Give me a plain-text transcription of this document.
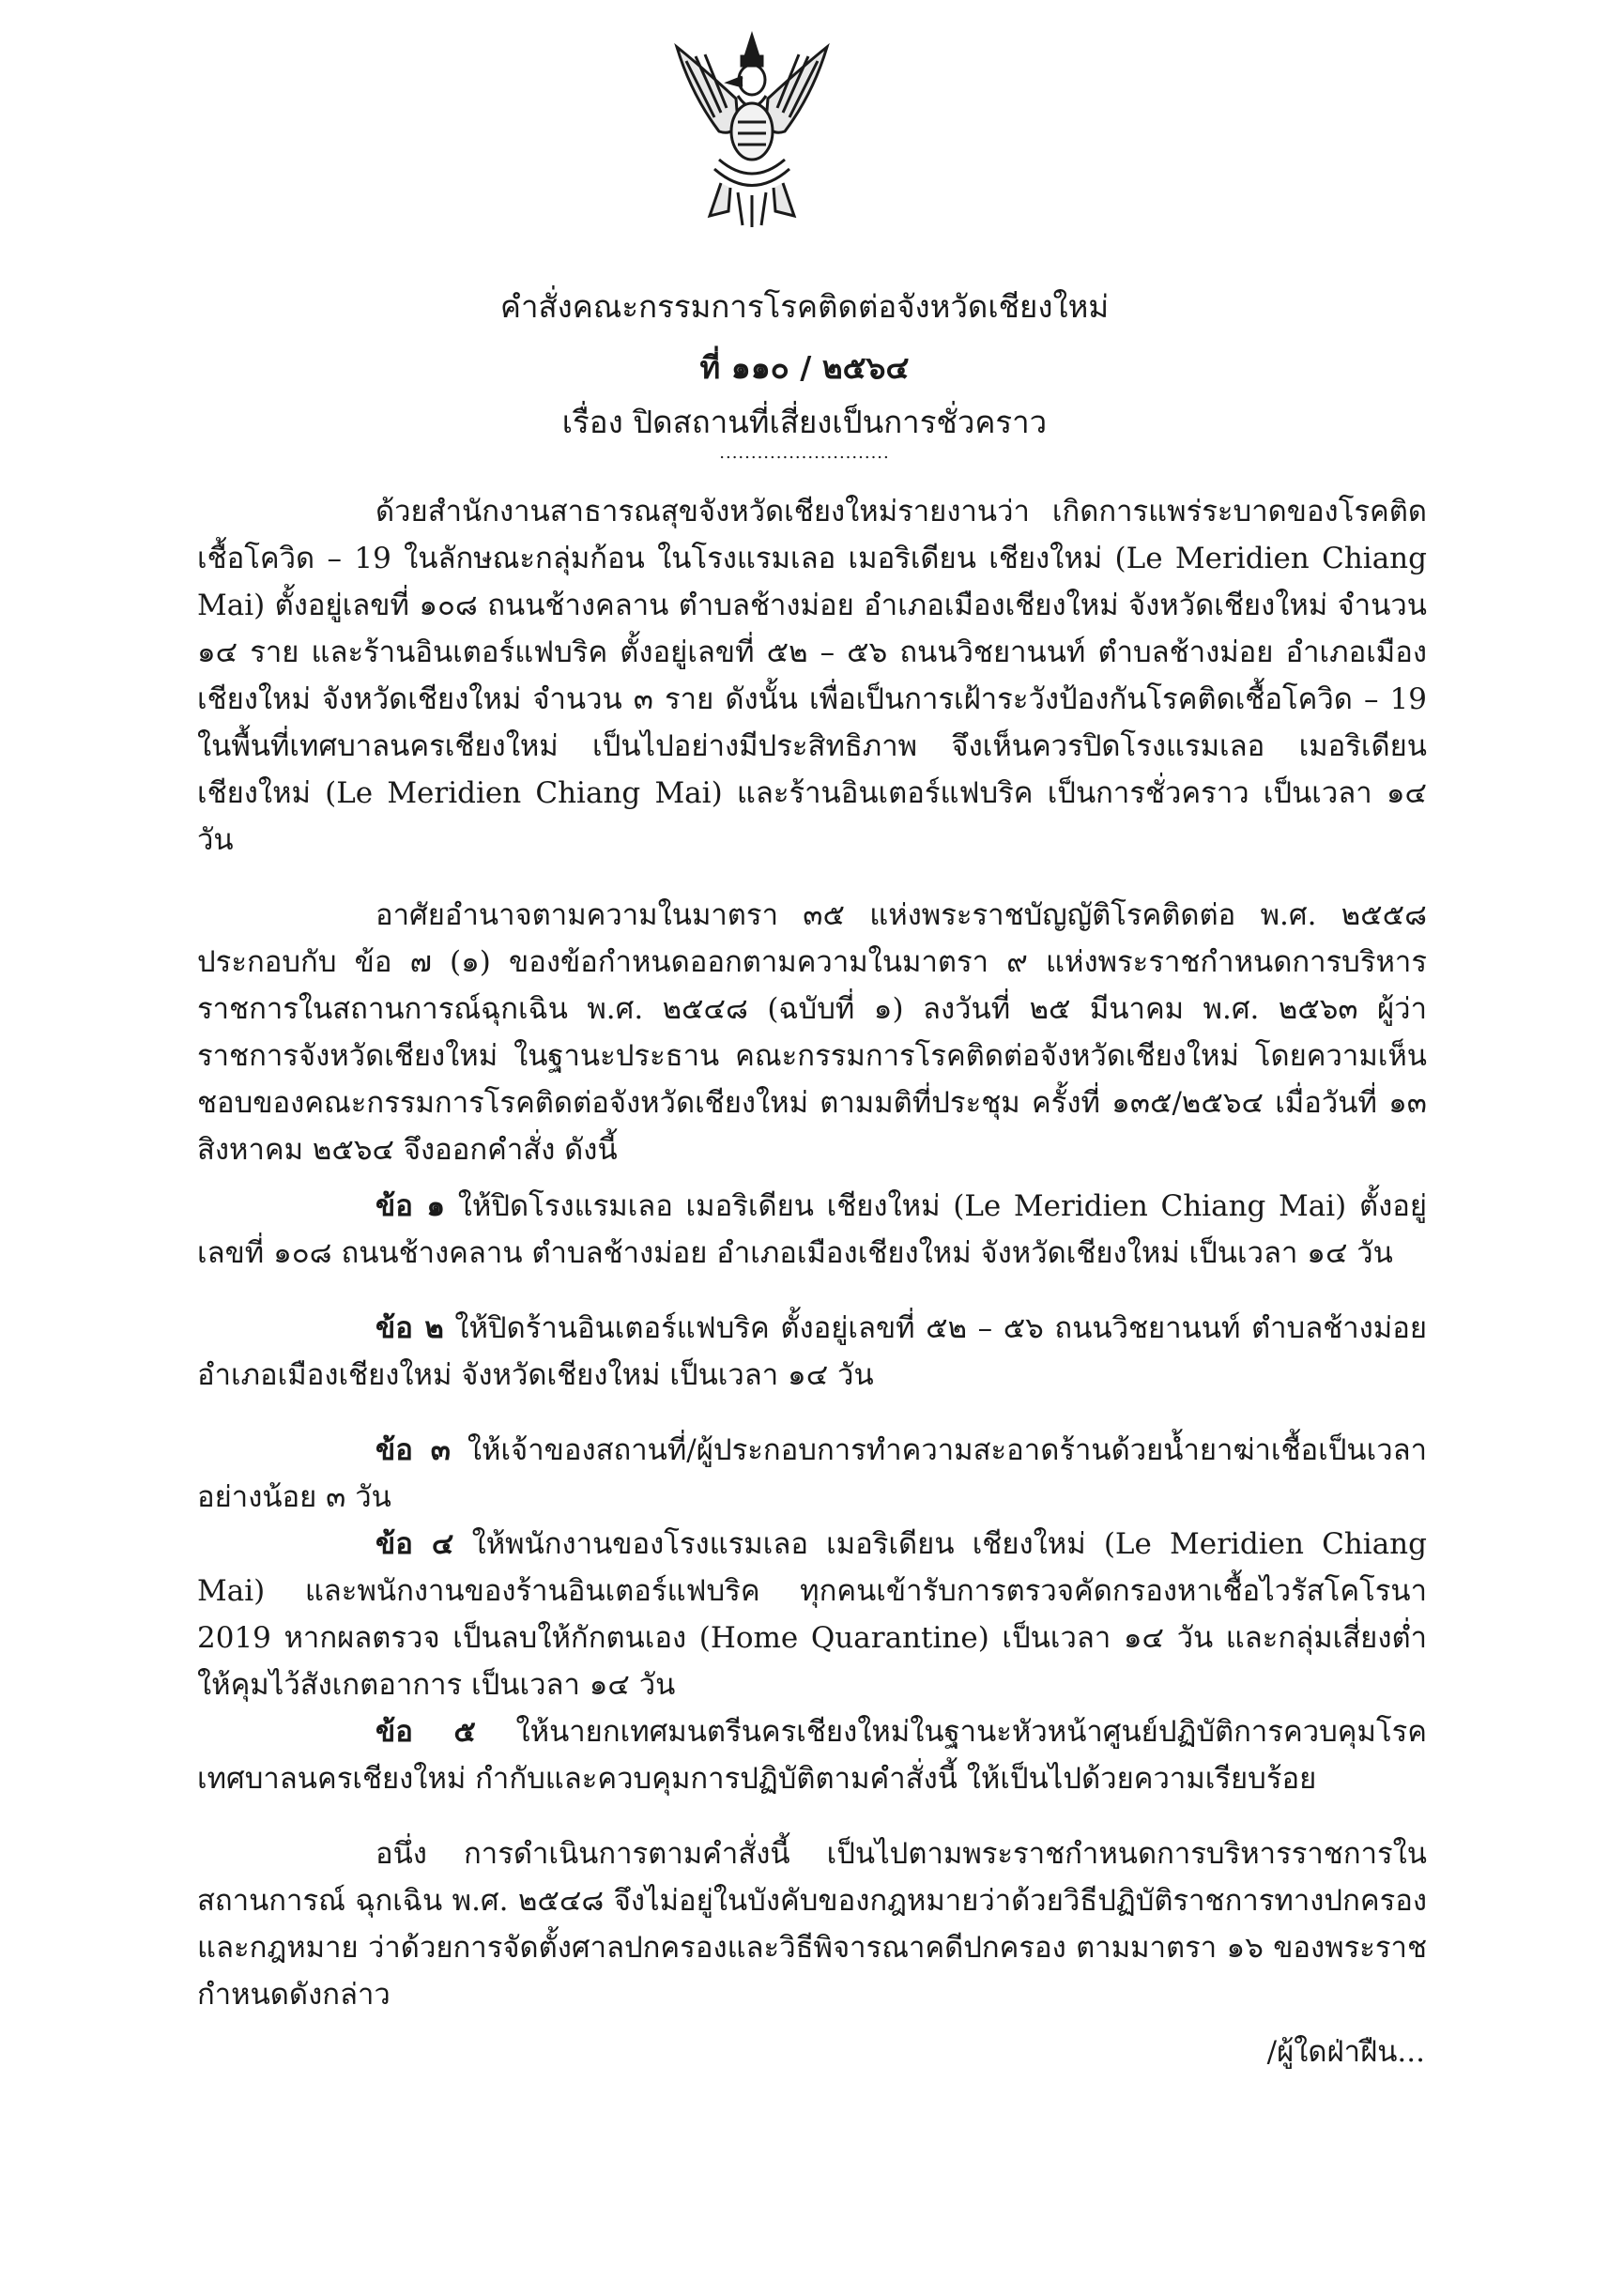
คำสั่งคณะกรรมการโรคติดต่อจังหวัดเชียงใหม่
ที่ ๑๑๐ / ๒๕๖๔
เรื่อง ปิดสถานที่เสี่ยงเป็นการชั่วคราว
...........................

ด้วยสำนักงานสาธารณสุขจังหวัดเชียงใหม่รายงานว่า เกิดการแพร่ระบาดของโรคติดเชื้อโควิด – 19 ในลักษณะกลุ่มก้อน ในโรงแรมเลอ เมอริเดียน เชียงใหม่ (Le Meridien Chiang Mai) ตั้งอยู่เลขที่ ๑๐๘ ถนนช้างคลาน ตำบลช้างม่อย อำเภอเมืองเชียงใหม่ จังหวัดเชียงใหม่ จำนวน ๑๔ ราย และร้านอินเตอร์แฟบริค ตั้งอยู่เลขที่ ๕๒ – ๕๖ ถนนวิชยานนท์ ตำบลช้างม่อย อำเภอเมืองเชียงใหม่ จังหวัดเชียงใหม่ จำนวน ๓ ราย ดังนั้น เพื่อเป็นการเฝ้าระวังป้องกันโรคติดเชื้อโควิด – 19 ในพื้นที่เทศบาลนครเชียงใหม่ เป็นไปอย่างมีประสิทธิภาพ จึงเห็นควรปิดโรงแรมเลอ เมอริเดียน เชียงใหม่ (Le Meridien Chiang Mai) และร้านอินเตอร์แฟบริค เป็นการชั่วคราว เป็นเวลา ๑๔ วัน

อาศัยอำนาจตามความในมาตรา ๓๕ แห่งพระราชบัญญัติโรคติดต่อ พ.ศ. ๒๕๕๘ ประกอบกับ ข้อ ๗ (๑) ของข้อกำหนดออกตามความในมาตรา ๙ แห่งพระราชกำหนดการบริหารราชการในสถานการณ์ฉุกเฉิน พ.ศ. ๒๕๔๘ (ฉบับที่ ๑) ลงวันที่ ๒๕ มีนาคม พ.ศ. ๒๕๖๓ ผู้ว่าราชการจังหวัดเชียงใหม่ ในฐานะประธาน คณะกรรมการโรคติดต่อจังหวัดเชียงใหม่ โดยความเห็นชอบของคณะกรรมการโรคติดต่อจังหวัดเชียงใหม่ ตามมติที่ประชุม ครั้งที่ ๑๓๕/๒๕๖๔ เมื่อวันที่ ๑๓ สิงหาคม ๒๕๖๔ จึงออกคำสั่ง ดังนี้

ข้อ ๑ ให้ปิดโรงแรมเลอ เมอริเดียน เชียงใหม่ (Le Meridien Chiang Mai) ตั้งอยู่เลขที่ ๑๐๘ ถนนช้างคลาน ตำบลช้างม่อย อำเภอเมืองเชียงใหม่ จังหวัดเชียงใหม่ เป็นเวลา ๑๔ วัน

ข้อ ๒ ให้ปิดร้านอินเตอร์แฟบริค ตั้งอยู่เลขที่ ๕๒ – ๕๖ ถนนวิชยานนท์ ตำบลช้างม่อย อำเภอเมืองเชียงใหม่ จังหวัดเชียงใหม่ เป็นเวลา ๑๔ วัน

ข้อ ๓ ให้เจ้าของสถานที่/ผู้ประกอบการทำความสะอาดร้านด้วยน้ำยาฆ่าเชื้อเป็นเวลา อย่างน้อย ๓ วัน

ข้อ ๔ ให้พนักงานของโรงแรมเลอ เมอริเดียน เชียงใหม่ (Le Meridien Chiang Mai) และพนักงานของร้านอินเตอร์แฟบริค ทุกคนเข้ารับการตรวจคัดกรองหาเชื้อไวรัสโคโรนา 2019 หากผลตรวจ เป็นลบให้กักตนเอง (Home Quarantine) เป็นเวลา ๑๔ วัน และกลุ่มเสี่ยงต่ำให้คุมไว้สังเกตอาการ เป็นเวลา ๑๔ วัน

ข้อ ๕ ให้นายกเทศมนตรีนครเชียงใหม่ในฐานะหัวหน้าศูนย์ปฏิบัติการควบคุมโรค เทศบาลนครเชียงใหม่ กำกับและควบคุมการปฏิบัติตามคำสั่งนี้ ให้เป็นไปด้วยความเรียบร้อย

อนึ่ง การดำเนินการตามคำสั่งนี้ เป็นไปตามพระราชกำหนดการบริหารราชการในสถานการณ์ ฉุกเฉิน พ.ศ. ๒๕๔๘ จึงไม่อยู่ในบังคับของกฎหมายว่าด้วยวิธีปฏิบัติราชการทางปกครอง และกฎหมาย ว่าด้วยการจัดตั้งศาลปกครองและวิธีพิจารณาคดีปกครอง ตามมาตรา ๑๖ ของพระราชกำหนดดังกล่าว

/ผู้ใดฝ่าฝืน...
